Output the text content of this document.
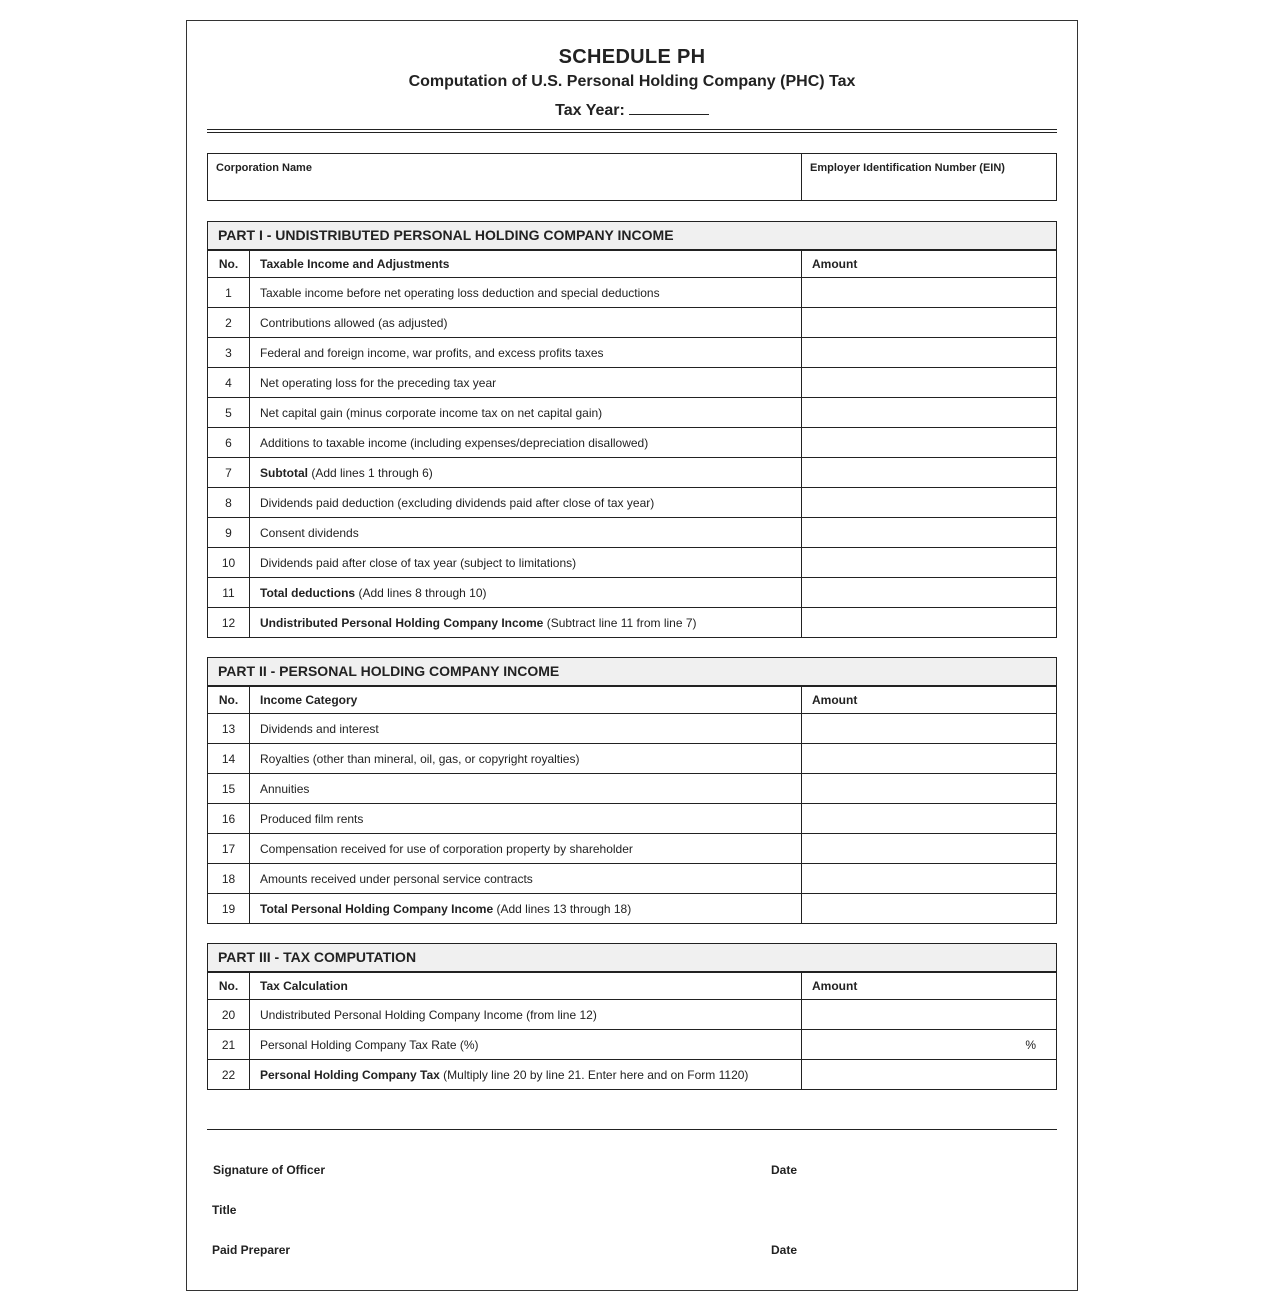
SCHEDULE PH
Computation of U.S. Personal Holding Company (PHC) Tax
Tax Year:
Corporation Name	Employer Identification Number (EIN)
PART I - UNDISTRIBUTED PERSONAL HOLDING COMPANY INCOME		
No.	Taxable Income and Adjustments	Amount
1	Taxable income before net operating loss deduction and special deductions	
2	Contributions allowed (as adjusted)	
3	Federal and foreign income, war profits, and excess profits taxes	
4	Net operating loss for the preceding tax year	
5	Net capital gain (minus corporate income tax on net capital gain)	
6	Additions to taxable income (including expenses/depreciation disallowed)	
7	Subtotal (Add lines 1 through 6)	
8	Dividends paid deduction (excluding dividends paid after close of tax year)	
9	Consent dividends	
10	Dividends paid after close of tax year (subject to limitations)	
11	Total deductions (Add lines 8 through 10)	
12	Undistributed Personal Holding Company Income (Subtract line 11 from line 7)	
PART II - PERSONAL HOLDING COMPANY INCOME		
No.	Income Category	Amount
13	Dividends and interest	
14	Royalties (other than mineral, oil, gas, or copyright royalties)	
15	Annuities	
16	Produced film rents	
17	Compensation received for use of corporation property by shareholder	
18	Amounts received under personal service contracts	
19	Total Personal Holding Company Income (Add lines 13 through 18)	
PART III - TAX COMPUTATION		
No.	Tax Calculation	Amount
20	Undistributed Personal Holding Company Income (from line 12)	
21	Personal Holding Company Tax Rate (%)	%
22	Personal Holding Company Tax (Multiply line 20 by line 21. Enter here and on Form 1120)	
Signature of Officer	Date
Title
Paid Preparer	Date
